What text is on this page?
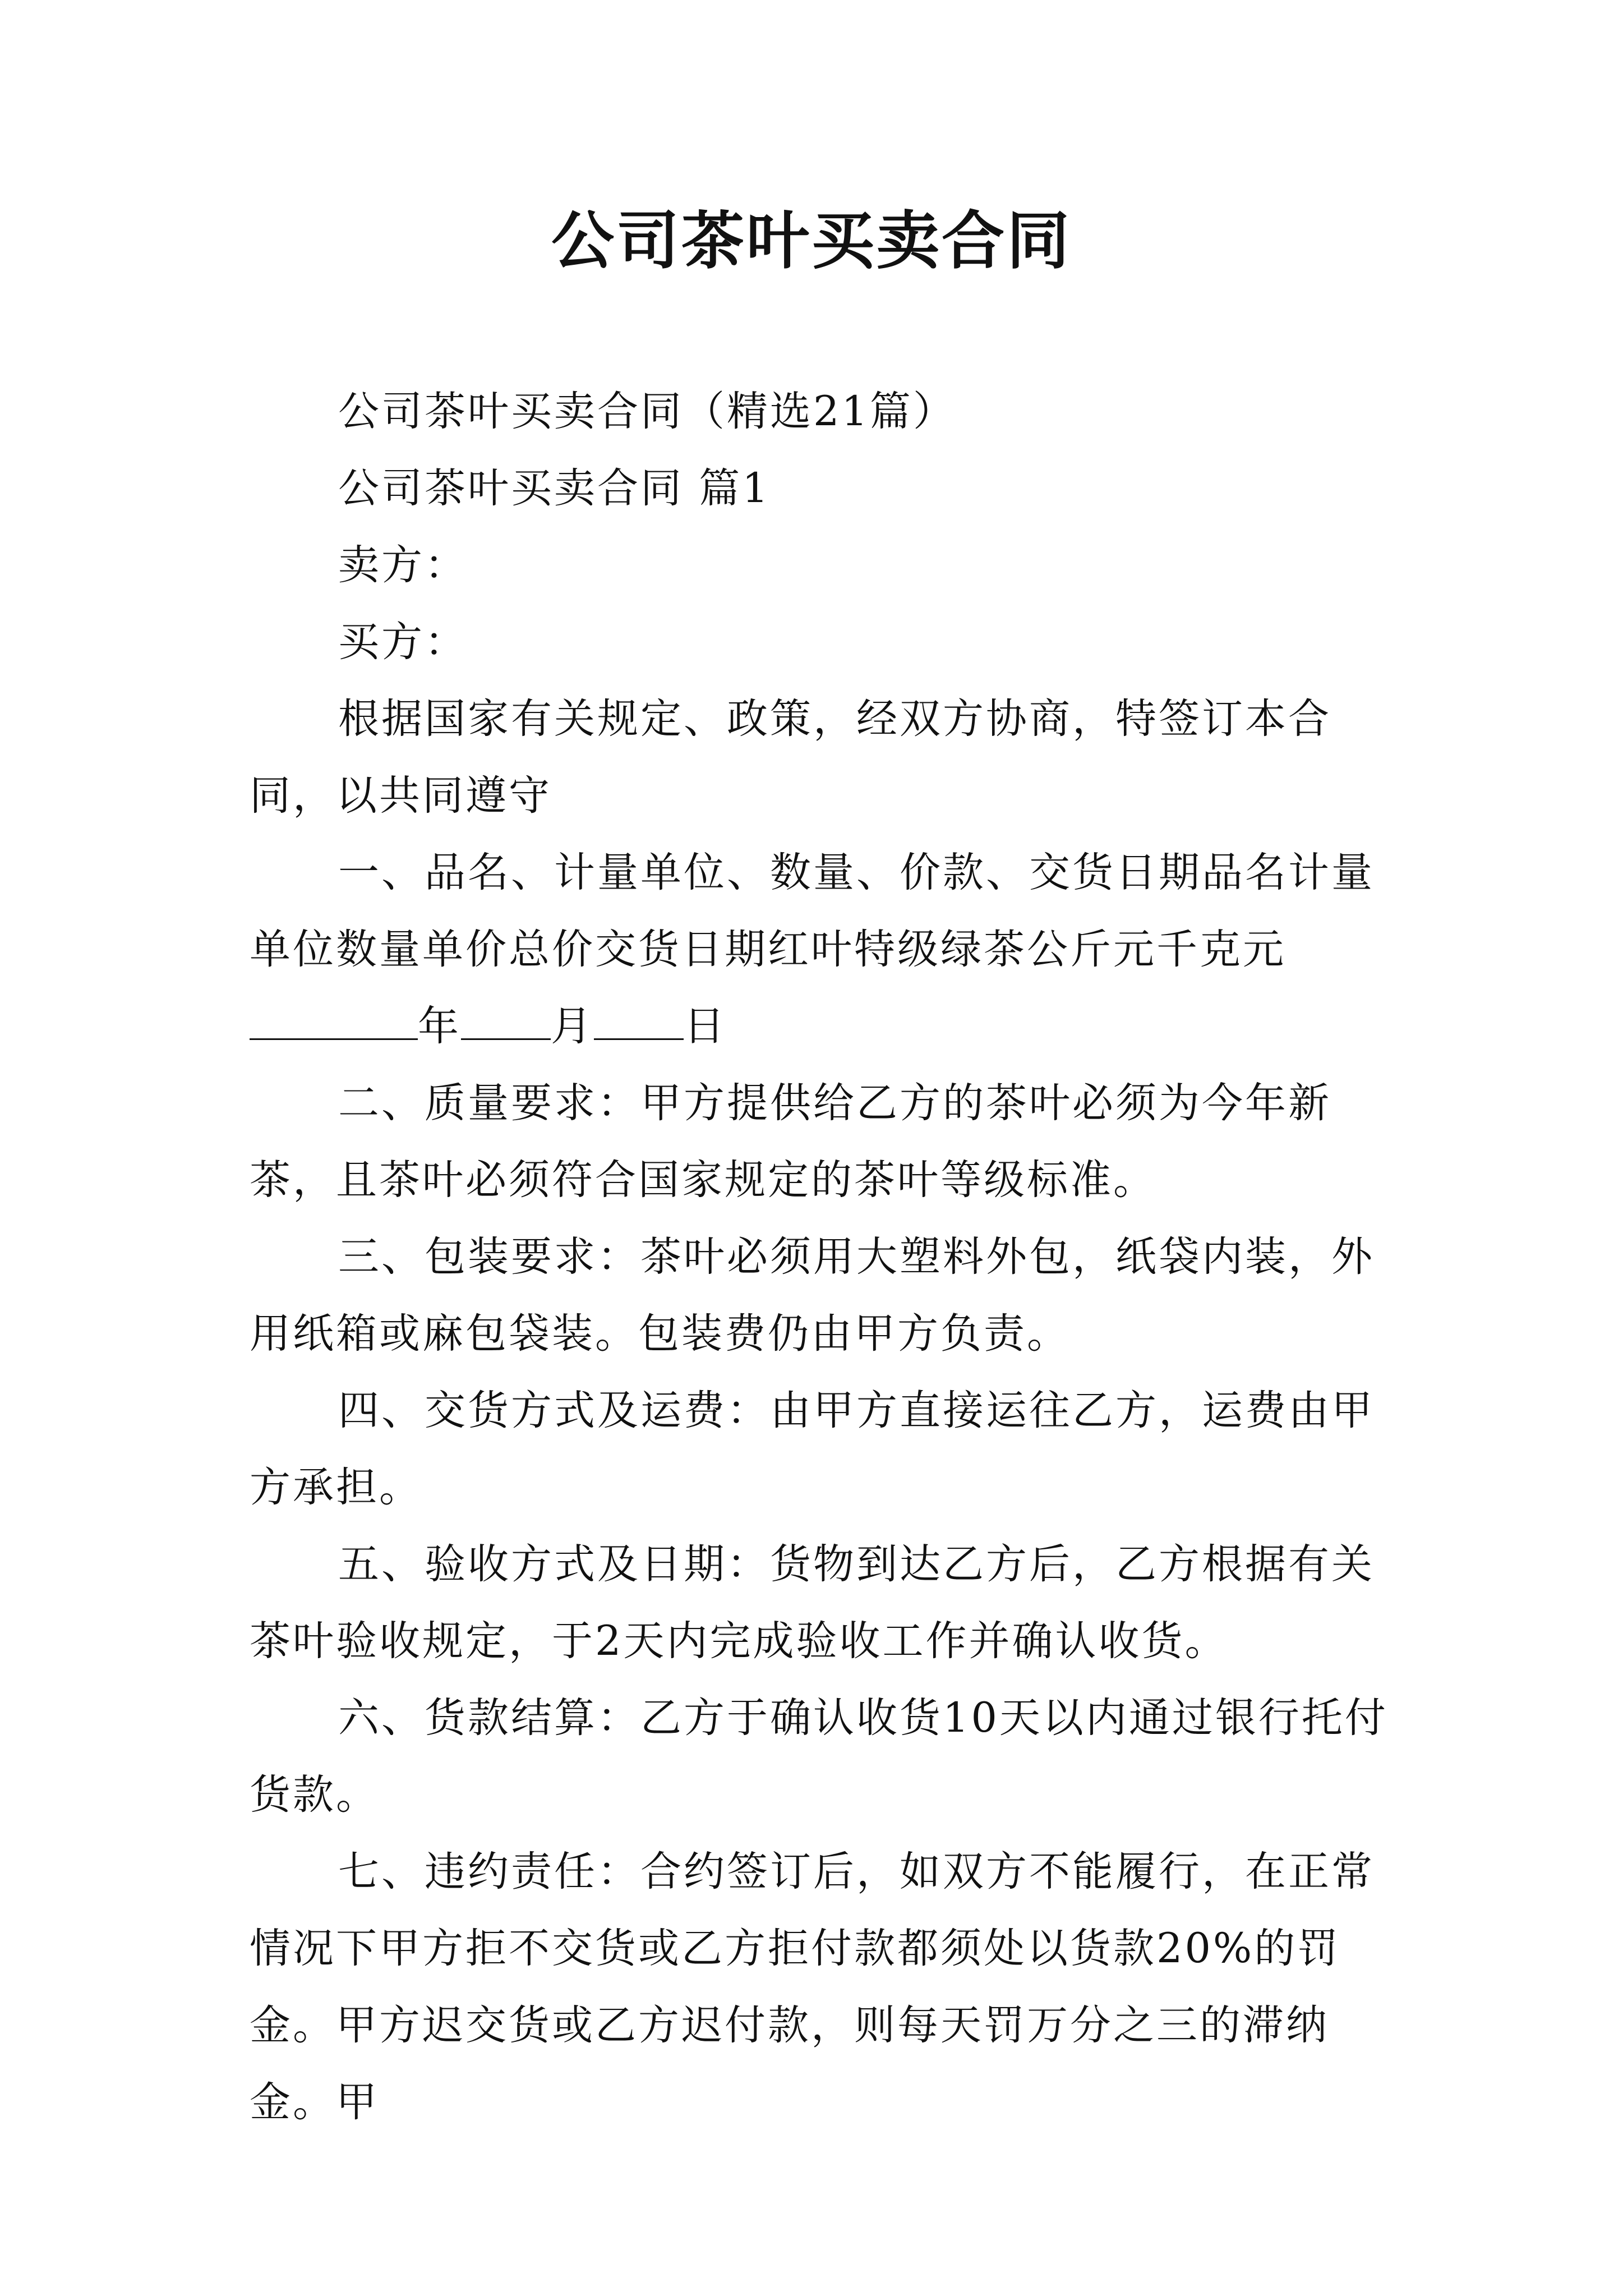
公司茶叶买卖合同

公司茶叶买卖合同（精选21篇）

公司茶叶买卖合同 篇1

卖方：

买方：

根据国家有关规定、政策，经双方协商，特签订本合同，以共同遵守

一、品名、计量单位、数量、价款、交货日期品名计量单位数量单价总价交货日期红叶特级绿茶公斤元千克元

年 月 日

二、质量要求：甲方提供给乙方的茶叶必须为今年新茶，且茶叶必须符合国家规定的茶叶等级标准。

三、包装要求：茶叶必须用大塑料外包，纸袋内装，外用纸箱或麻包袋装。包装费仍由甲方负责。

四、交货方式及运费：由甲方直接运往乙方，运费由甲方承担。

五、验收方式及日期：货物到达乙方后，乙方根据有关茶叶验收规定，于2天内完成验收工作并确认收货。

六、货款结算：乙方于确认收货10天以内通过银行托付货款。

七、违约责任：合约签订后，如双方不能履行，在正常情况下甲方拒不交货或乙方拒付款都须处以货款20%的罚金。甲方迟交货或乙方迟付款，则每天罚万分之三的滞纳金。甲
